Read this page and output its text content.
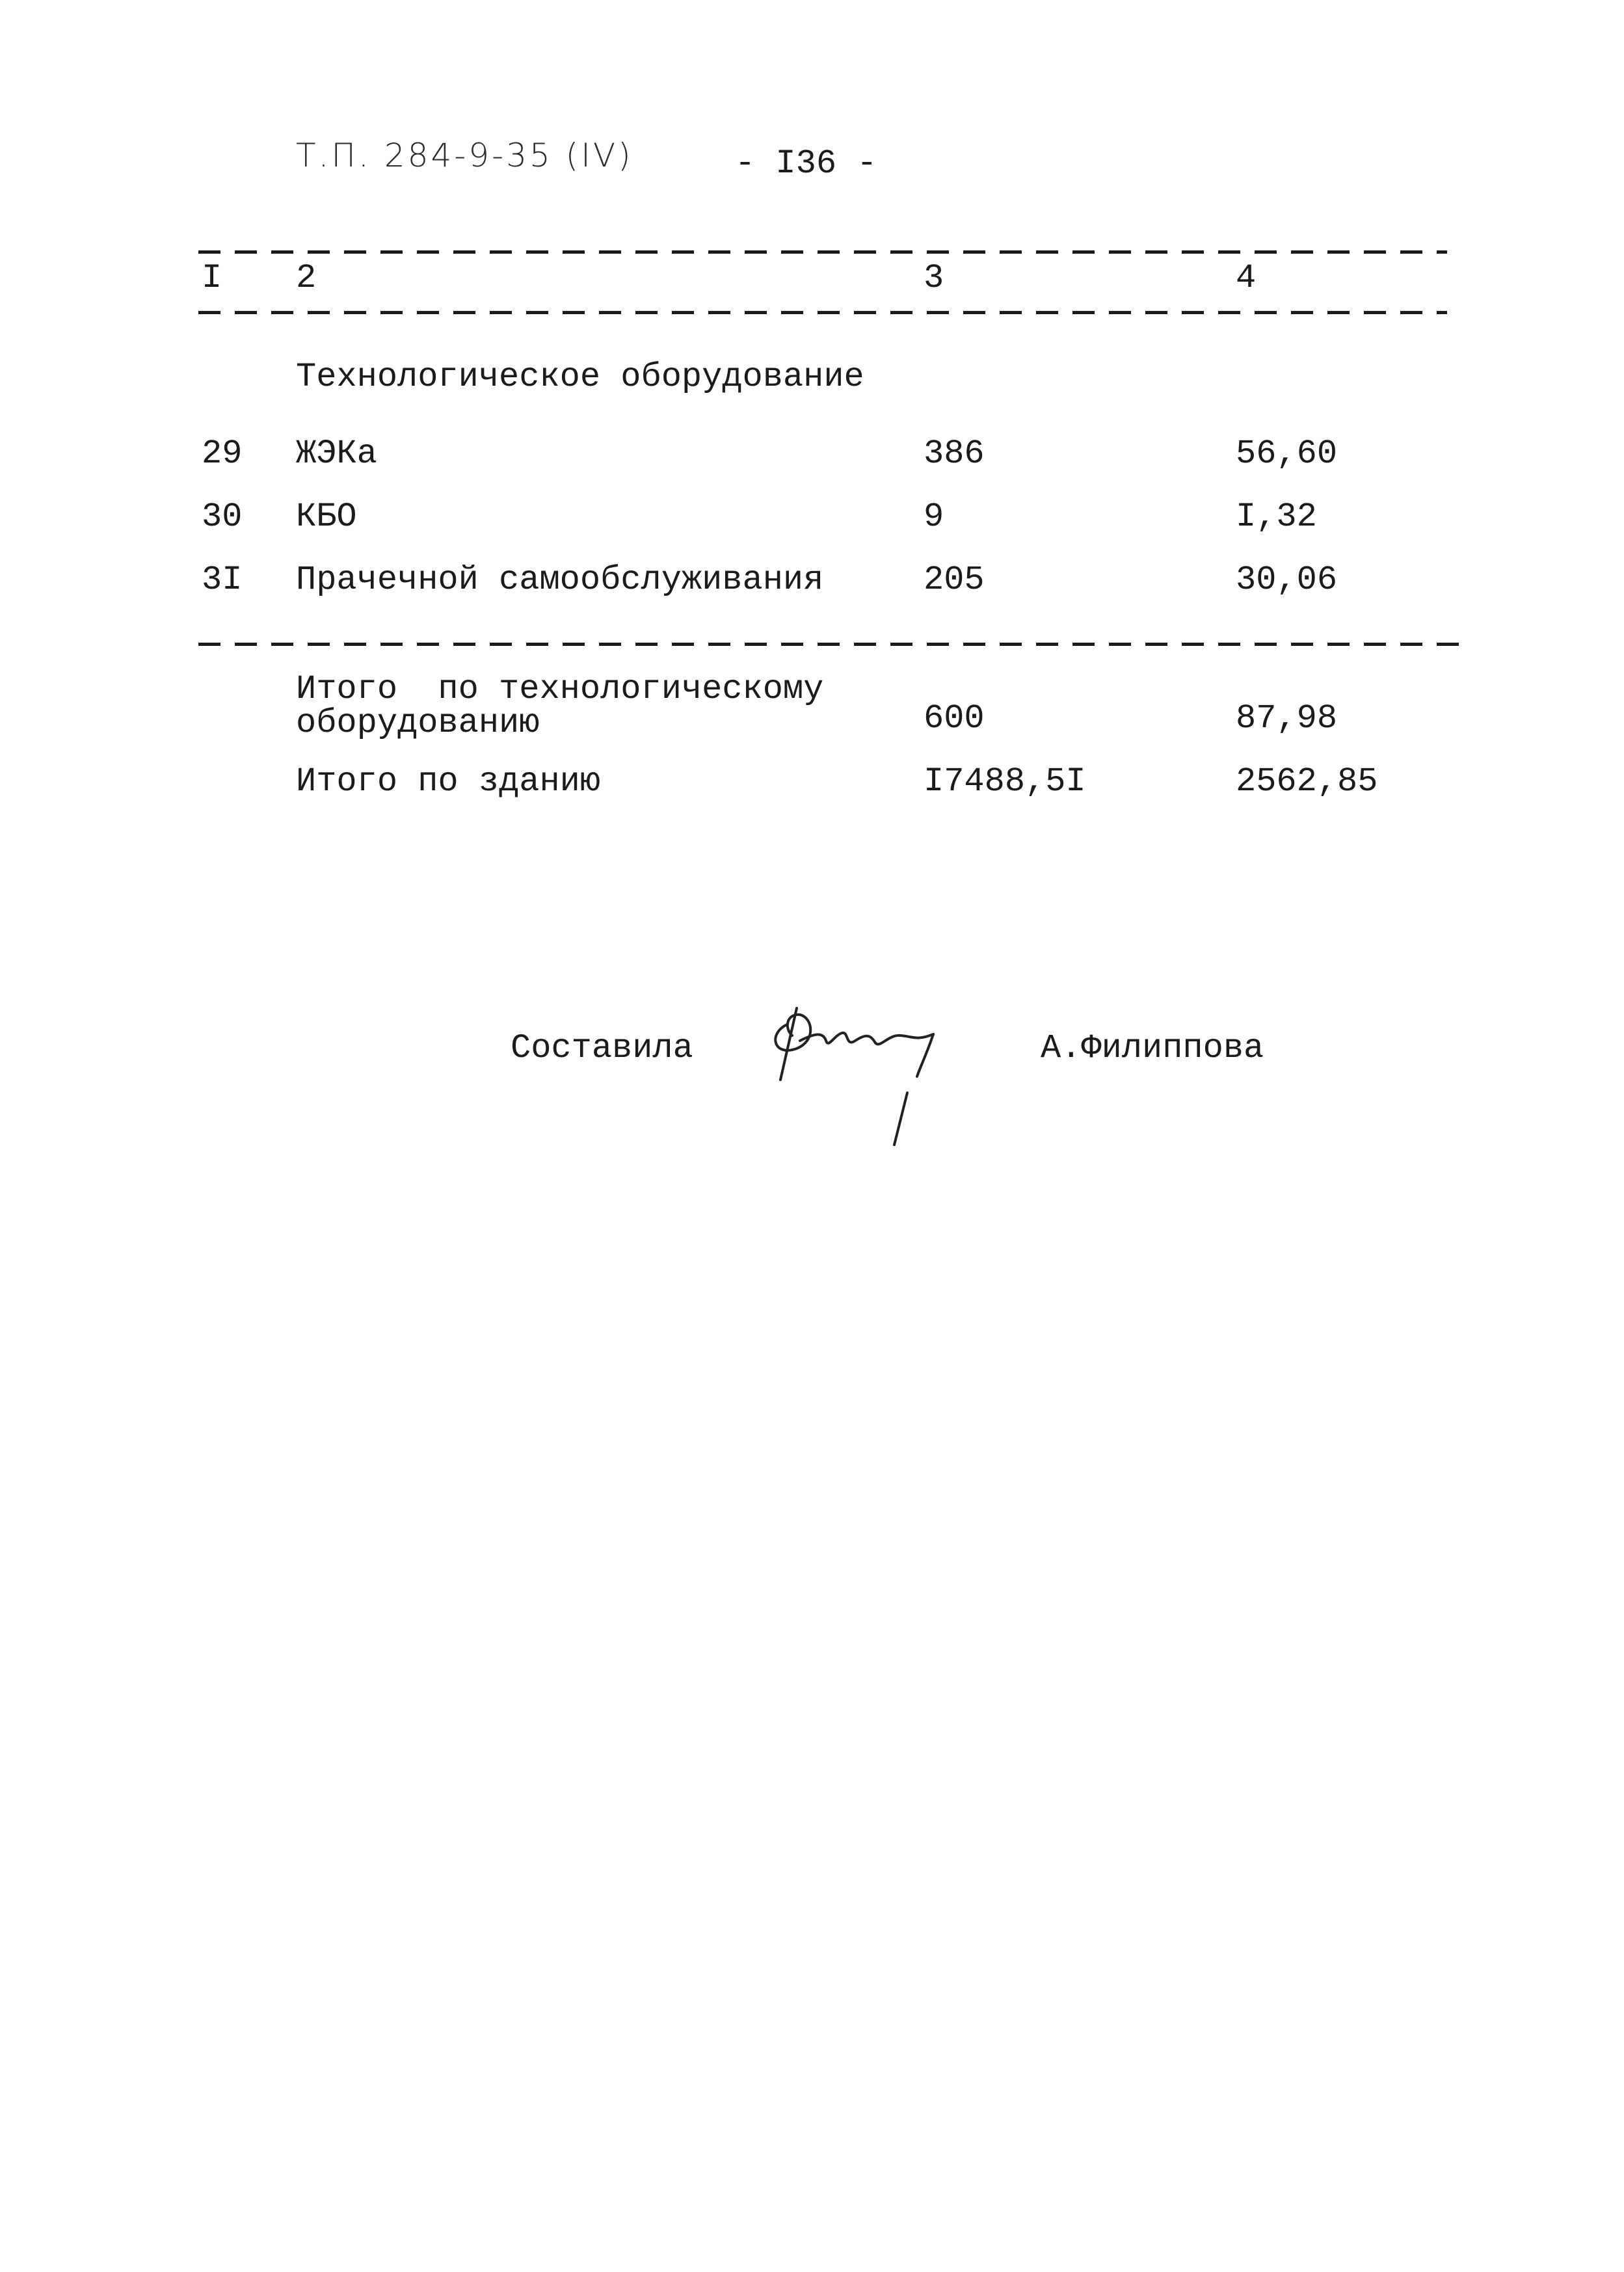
Т.П. 284-9-35 (IV)	- I36 -
I 2	3	4
Технологическое оборудование
29 ЖЭКа	386	56,60
30 КБО	9	I,32
3I Прачечной самообслуживания	205	30,06
Итого  по технологическому
оборудованию	600	87,98
Итого по зданию	I7488,5I	2562,85
Составила	А.Филиппова
